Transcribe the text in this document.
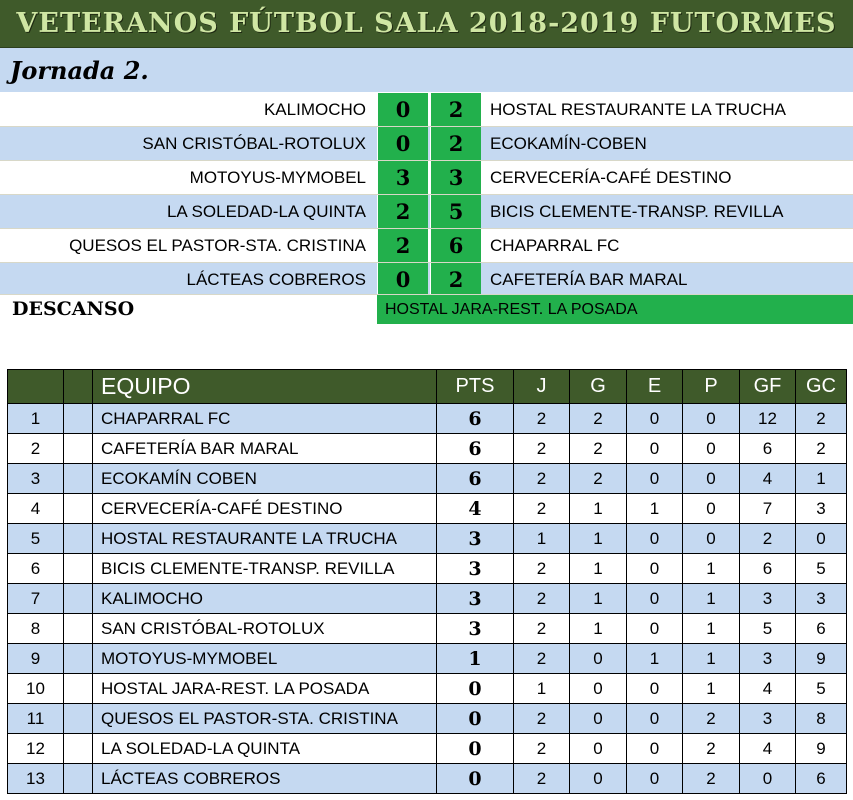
VETERANOS FÚTBOL SALA 2018-2019 FUTORMES
Jornada 2.
KALIMOCHO	0	2	HOSTAL RESTAURANTE LA TRUCHA
SAN CRISTÓBAL-ROTOLUX	0	2	ECOKAMÍN-COBEN
MOTOYUS-MYMOBEL	3	3	CERVECERÍA-CAFÉ DESTINO
LA SOLEDAD-LA QUINTA	2	5	BICIS CLEMENTE-TRANSP. REVILLA
QUESOS EL PASTOR-STA. CRISTINA	2	6	CHAPARRAL FC
LÁCTEAS COBREROS	0	2	CAFETERÍA BAR MARAL
DESCANSO	HOSTAL JARA-REST. LA POSADA
		EQUIPO	PTS	J	G	E	P	GF	GC
1		CHAPARRAL FC	6	2	2	0	0	12	2
2		CAFETERÍA BAR MARAL	6	2	2	0	0	6	2
3		ECOKAMÍN COBEN	6	2	2	0	0	4	1
4		CERVECERÍA-CAFÉ DESTINO	4	2	1	1	0	7	3
5		HOSTAL RESTAURANTE LA TRUCHA	3	1	1	0	0	2	0
6		BICIS CLEMENTE-TRANSP. REVILLA	3	2	1	0	1	6	5
7		KALIMOCHO	3	2	1	0	1	3	3
8		SAN CRISTÓBAL-ROTOLUX	3	2	1	0	1	5	6
9		MOTOYUS-MYMOBEL	1	2	0	1	1	3	9
10		HOSTAL JARA-REST. LA POSADA	0	1	0	0	1	4	5
11		QUESOS EL PASTOR-STA. CRISTINA	0	2	0	0	2	3	8
12		LA SOLEDAD-LA QUINTA	0	2	0	0	2	4	9
13		LÁCTEAS COBREROS	0	2	0	0	2	0	6
